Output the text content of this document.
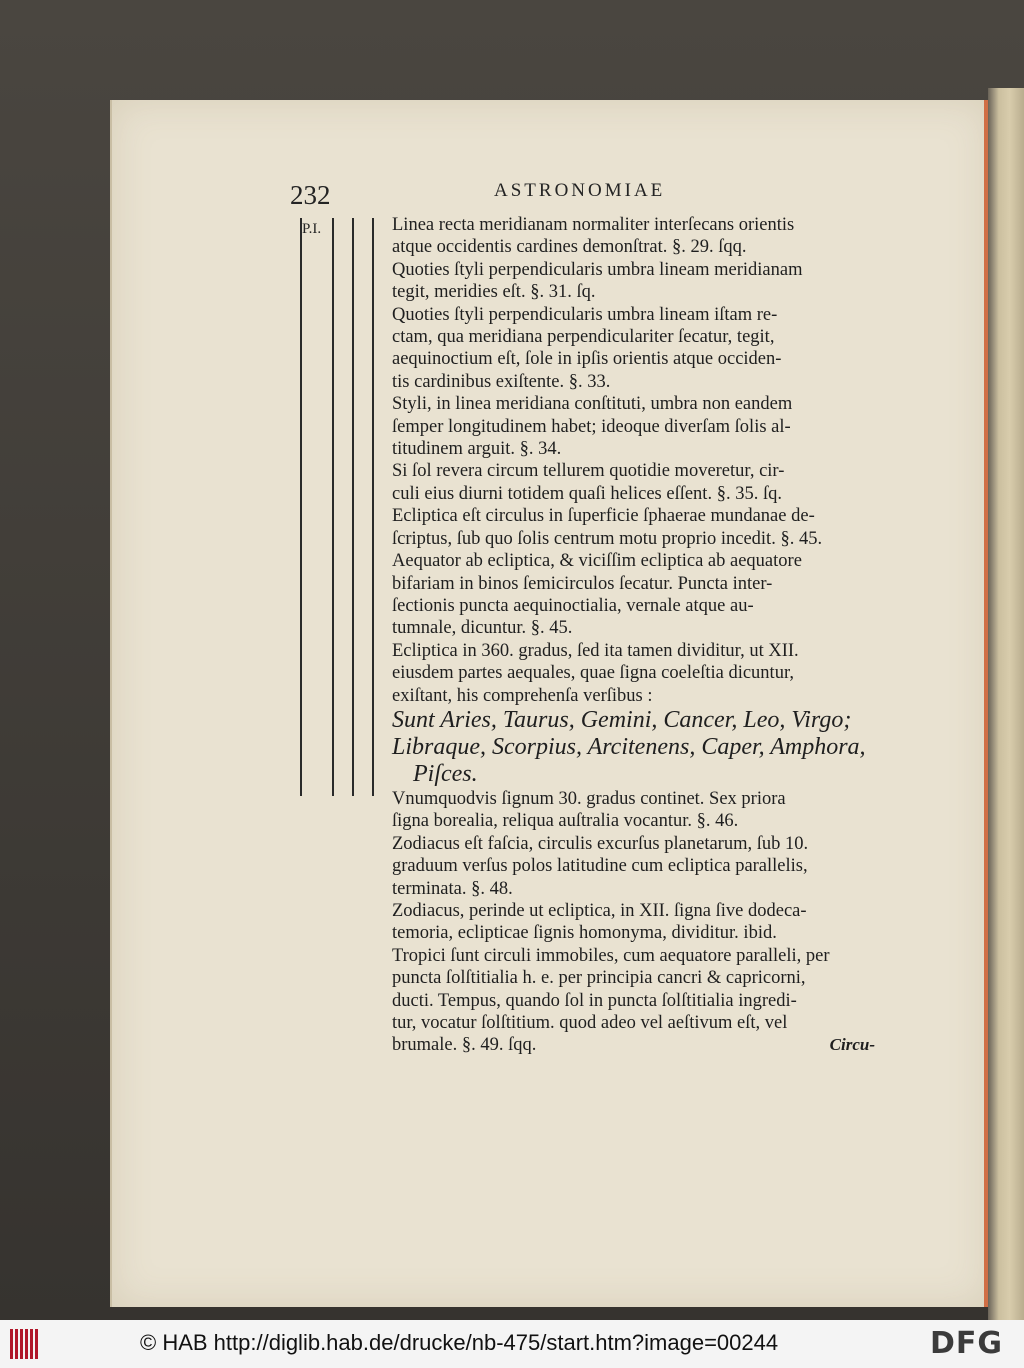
232	ASTRONOMIAE
P.I.	Linea recta meridianam normaliter interſecans orientis
atque occidentis cardines demonſtrat. §. 29. ſqq.
Quoties ſtyli perpendicularis umbra lineam meridianam
tegit, meridies eſt. §. 31. ſq.
Quoties ſtyli perpendicularis umbra lineam iſtam re-
ctam, qua meridiana perpendiculariter ſecatur, tegit,
aequinoctium eſt, ſole in ipſis orientis atque occiden-
tis cardinibus exiſtente. §. 33.
Styli, in linea meridiana conſtituti, umbra non eandem
ſemper longitudinem habet; ideoque diverſam ſolis al-
titudinem arguit. §. 34.
Si ſol revera circum tellurem quotidie moveretur, cir-
culi eius diurni totidem quaſi helices eſſent. §. 35. ſq.
Ecliptica eſt circulus in ſuperficie ſphaerae mundanae de-
ſcriptus, ſub quo ſolis centrum motu proprio incedit. §. 45.
Aequator ab ecliptica, & viciſſim ecliptica ab aequatore
bifariam in binos ſemicirculos ſecatur. Puncta inter-
ſectionis puncta aequinoctialia, vernale atque au-
tumnale, dicuntur. §. 45.
Ecliptica in 360. gradus, ſed ita tamen dividitur, ut XII.
eiusdem partes aequales, quae ſigna coeleſtia dicuntur,
exiſtant, his comprehenſa verſibus :
Sunt Aries, Taurus, Gemini, Cancer, Leo, Virgo;
Libraque, Scorpius, Arcitenens, Caper, Amphora,
Piſces.
Vnumquodvis ſignum 30. gradus continet. Sex priora
ſigna borealia, reliqua auſtralia vocantur. §. 46.
Zodiacus eſt faſcia, circulis excurſus planetarum, ſub 10.
graduum verſus polos latitudine cum ecliptica parallelis,
terminata. §. 48.
Zodiacus, perinde ut ecliptica, in XII. ſigna ſive dodeca-
temoria, eclipticae ſignis homonyma, dividitur. ibid.
Tropici ſunt circuli immobiles, cum aequatore paralleli, per
puncta ſolſtitialia h. e. per principia cancri & capricorni,
ducti. Tempus, quando ſol in puncta ſolſtitialia ingredi-
tur, vocatur ſolſtitium. quod adeo vel aeſtivum eſt, vel
brumale. §. 49. ſqq.	Circu-
© HAB http://diglib.hab.de/drucke/nb-475/start.htm?image=00244	DFG
